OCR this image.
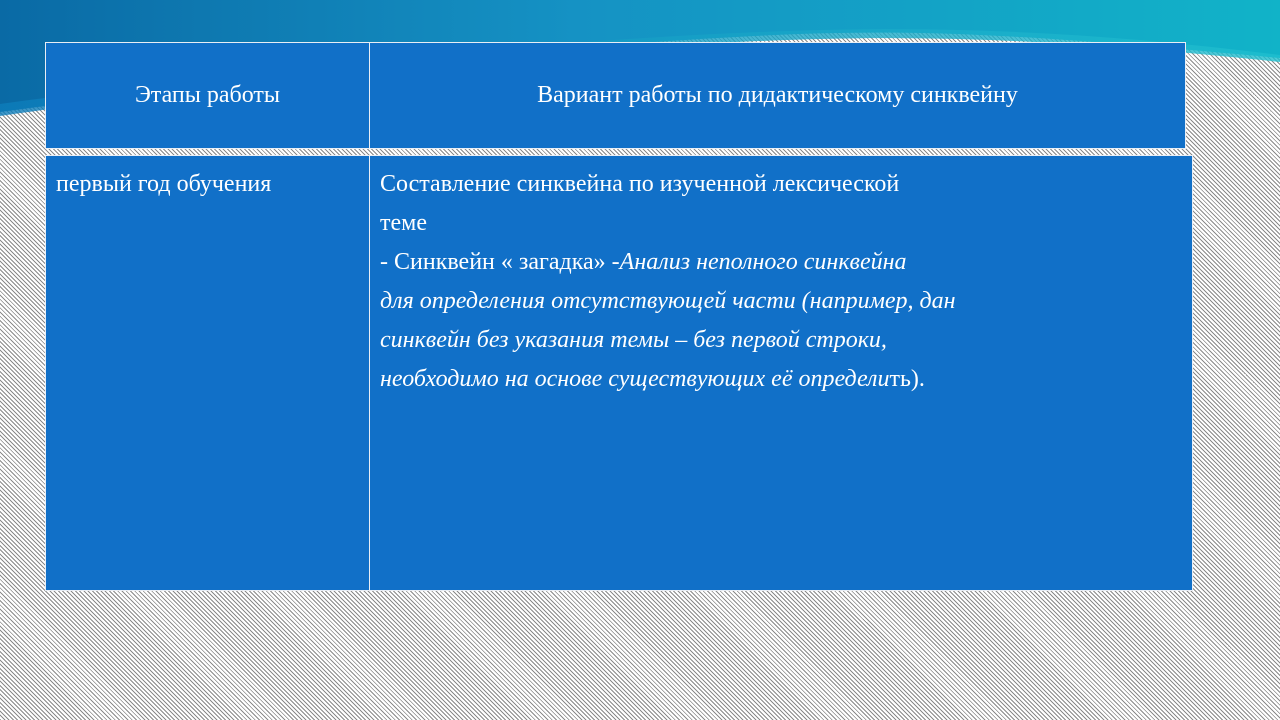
Этапы работы	Вариант работы по дидактическому синквейну
первый год обучения	Составление синквейна по изученной лексической
теме
- Синквейн « загадка» -Анализ неполного синквейна
для определения отсутствующей части (например, дан
синквейн без указания темы – без первой строки,
необходимо на основе существующих её определить).
